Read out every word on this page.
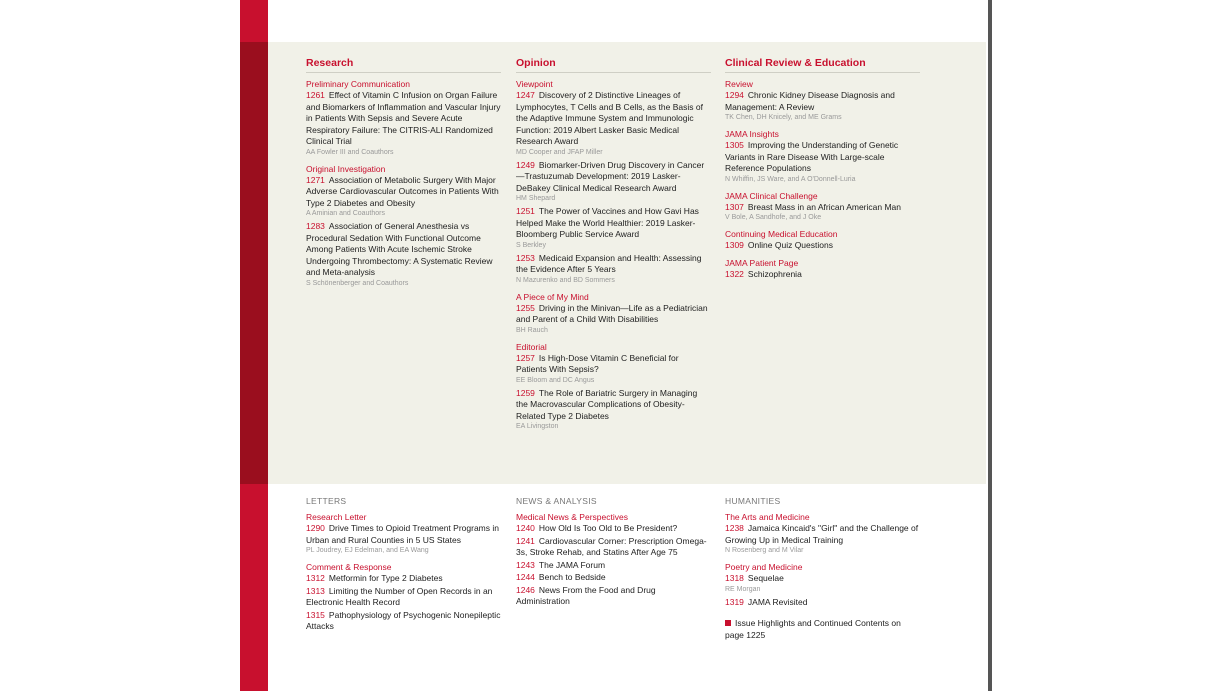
Research
Preliminary Communication
1261 Effect of Vitamin C Infusion on Organ Failure and Biomarkers of Inflammation and Vascular Injury in Patients With Sepsis and Severe Acute Respiratory Failure: The CITRIS-ALI Randomized Clinical Trial
AA Fowler III and Coauthors
Original Investigation
1271 Association of Metabolic Surgery With Major Adverse Cardiovascular Outcomes in Patients With Type 2 Diabetes and Obesity
A Aminian and Coauthors
1283 Association of General Anesthesia vs Procedural Sedation With Functional Outcome Among Patients With Acute Ischemic Stroke Undergoing Thrombectomy: A Systematic Review and Meta-analysis
S Schönenberger and Coauthors
Opinion
Viewpoint
1247 Discovery of 2 Distinctive Lineages of Lymphocytes, T Cells and B Cells, as the Basis of the Adaptive Immune System and Immunologic Function: 2019 Albert Lasker Basic Medical Research Award
MD Cooper and JFAP Miller
1249 Biomarker-Driven Drug Discovery in Cancer—Trastuzumab Development: 2019 Lasker-DeBakey Clinical Medical Research Award
HM Shepard
1251 The Power of Vaccines and How Gavi Has Helped Make the World Healthier: 2019 Lasker-Bloomberg Public Service Award
S Berkley
1253 Medicaid Expansion and Health: Assessing the Evidence After 5 Years
N Mazurenko and BD Sommers
A Piece of My Mind
1255 Driving in the Minivan—Life as a Pediatrician and Parent of a Child With Disabilities
BH Rauch
Editorial
1257 Is High-Dose Vitamin C Beneficial for Patients With Sepsis?
EE Bloom and DC Angus
1259 The Role of Bariatric Surgery in Managing the Macrovascular Complications of Obesity-Related Type 2 Diabetes
EA Livingston
Clinical Review & Education
Review
1294 Chronic Kidney Disease Diagnosis and Management: A Review
TK Chen, DH Knicely, and ME Grams
JAMA Insights
1305 Improving the Understanding of Genetic Variants in Rare Disease With Large-scale Reference Populations
N Whiffin, JS Ware, and A O'Donnell-Luria
JAMA Clinical Challenge
1307 Breast Mass in an African American Man
V Bole, A Sandhofe, and J Oke
Continuing Medical Education
1309 Online Quiz Questions
JAMA Patient Page
1322 Schizophrenia
LETTERS
Research Letter
1290 Drive Times to Opioid Treatment Programs in Urban and Rural Counties in 5 US States
PL Joudrey, EJ Edelman, and EA Wang
Comment & Response
1312 Metformin for Type 2 Diabetes
1313 Limiting the Number of Open Records in an Electronic Health Record
1315 Pathophysiology of Psychogenic Nonepileptic Attacks
NEWS & ANALYSIS
Medical News & Perspectives
1240 How Old Is Too Old to Be President?
1241 Cardiovascular Corner: Prescription Omega-3s, Stroke Rehab, and Statins After Age 75
1243 The JAMA Forum
1244 Bench to Bedside
1246 News From the Food and Drug Administration
HUMANITIES
The Arts and Medicine
1238 Jamaica Kincaid's "Girl" and the Challenge of Growing Up in Medical Training
N Rosenberg and M Vilar
Poetry and Medicine
1318 Sequelae
RE Morgan
1319 JAMA Revisited
Issue Highlights and Continued Contents on page 1225
